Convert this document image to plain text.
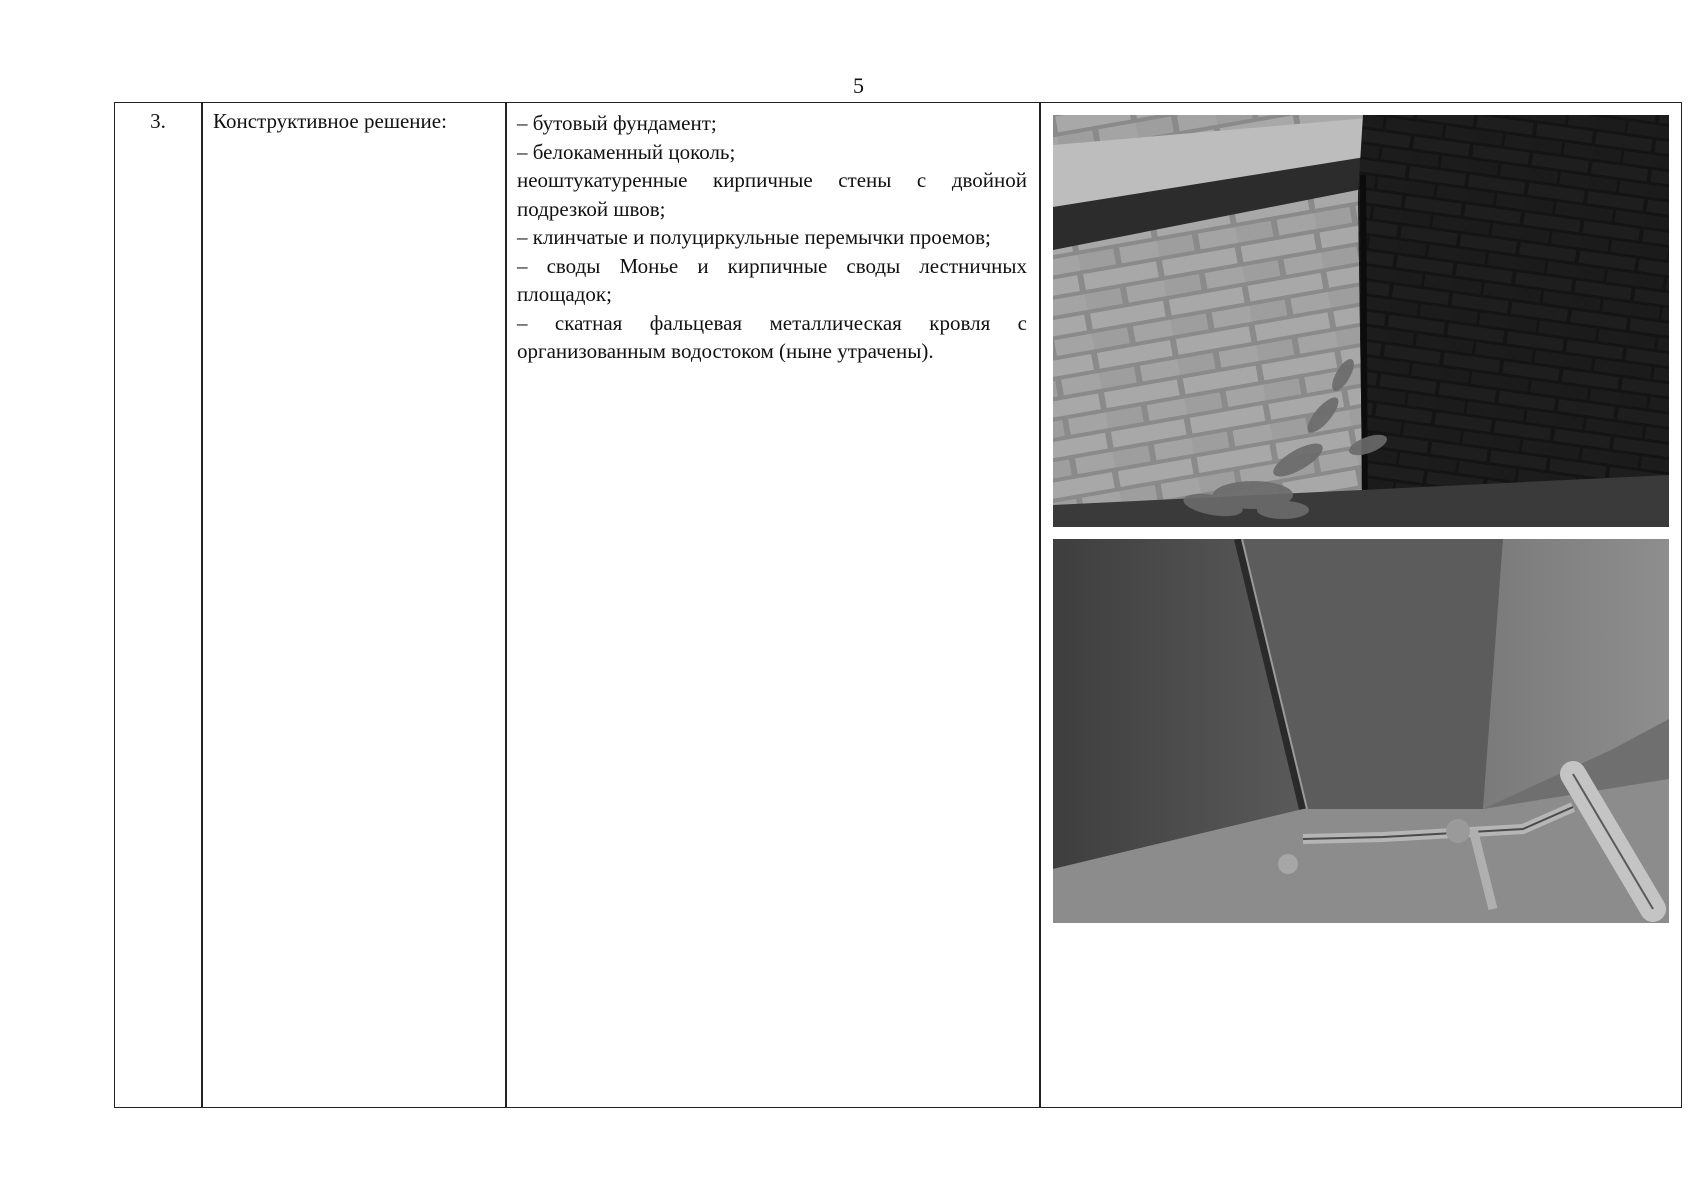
5
3.	Конструктивное решение:	– бутовый фундамент;

– белокаменный цоколь;

неоштукатуренные кирпичные стены с двойной подрезкой швов;

– клинчатые и полуциркульные перемычки проемов;

– своды Монье и кирпичные своды лестничных площадок;

– скатная фальцевая металлическая кровля с организованным водостоком (ныне утрачены).
